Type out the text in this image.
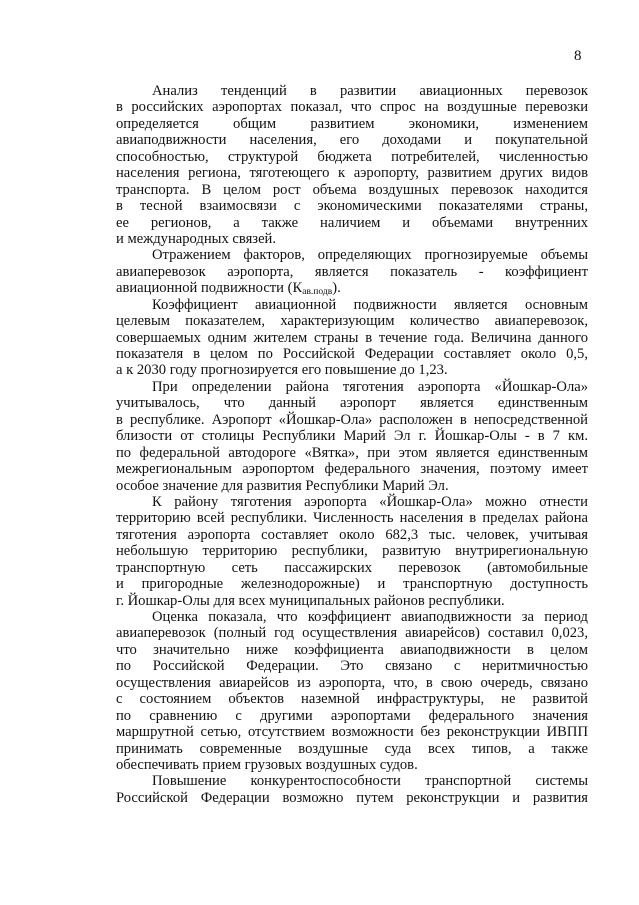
8
Анализ тенденций в развитии авиационных перевозок
в российских аэропортах показал, что спрос на воздушные перевозки
определяется общим развитием экономики, изменением
авиаподвижности населения, его доходами и покупательной
способностью, структурой бюджета потребителей, численностью
населения региона, тяготеющего к аэропорту, развитием других видов
транспорта. В целом рост объема воздушных перевозок находится
в тесной взаимосвязи с экономическими показателями страны,
ее регионов, а также наличием и объемами внутренних
и международных связей.
Отражением факторов, определяющих прогнозируемые объемы
авиаперевозок аэропорта, является показатель - коэффициент
авиационной подвижности $(К_{ав.подв})$.
Коэффициент авиационной подвижности является основным
целевым показателем, характеризующим количество авиаперевозок,
совершаемых одним жителем страны в течение года. Величина данного
показателя в целом по Российской Федерации составляет около 0,5,
а к 2030 году прогнозируется его повышение до 1,23.
При определении района тяготения аэропорта «Йошкар-Ола»
учитывалось, что данный аэропорт является единственным
в республике. Аэропорт «Йошкар-Ола» расположен в непосредственной
близости от столицы Республики Марий Эл г. Йошкар-Олы - в 7 км.
по федеральной автодороге «Вятка», при этом является единственным
межрегиональным аэропортом федерального значения, поэтому имеет
особое значение для развития Республики Марий Эл.
К району тяготения аэропорта «Йошкар-Ола» можно отнести
территорию всей республики. Численность населения в пределах района
тяготения аэропорта составляет около 682,3 тыс. человек, учитывая
небольшую территорию республики, развитую внутрирегиональную
транспортную сеть пассажирских перевозок (автомобильные
и пригородные железнодорожные) и транспортную доступность
г. Йошкар-Олы для всех муниципальных районов республики.
Оценка показала, что коэффициент авиаподвижности за период
авиаперевозок (полный год осуществления авиарейсов) составил 0,023,
что значительно ниже коэффициента авиаподвижности в целом
по Российской Федерации. Это связано с неритмичностью
осуществления авиарейсов из аэропорта, что, в свою очередь, связано
с состоянием объектов наземной инфраструктуры, не развитой
по сравнению с другими аэропортами федерального значения
маршрутной сетью, отсутствием возможности без реконструкции ИВПП
принимать современные воздушные суда всех типов, а также
обеспечивать прием грузовых воздушных судов.
Повышение конкурентоспособности транспортной системы
Российской Федерации возможно путем реконструкции и развития
